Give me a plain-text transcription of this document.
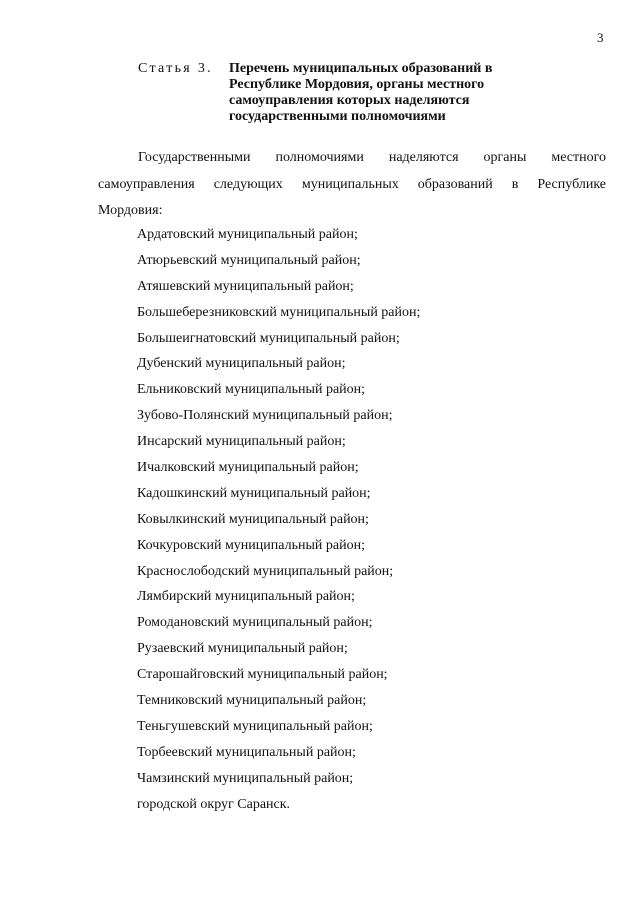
3
Статья 3. Перечень муниципальных образований в
Республике Мордовия, органы местного
самоуправления которых наделяются
государственными полномочиями
Государственными полномочиями наделяются органы местного
самоуправления следующих муниципальных образований в Республике
Мордовия:
Ардатовский муниципальный район;
Атюрьевский муниципальный район;
Атяшевский муниципальный район;
Большеберезниковский муниципальный район;
Большеигнатовский муниципальный район;
Дубенский муниципальный район;
Ельниковский муниципальный район;
Зубово-Полянский муниципальный район;
Инсарский муниципальный район;
Ичалковский муниципальный район;
Кадошкинский муниципальный район;
Ковылкинский муниципальный район;
Кочкуровский муниципальный район;
Краснослободский муниципальный район;
Лямбирский муниципальный район;
Ромодановский муниципальный район;
Рузаевский муниципальный район;
Старошайговский муниципальный район;
Темниковский муниципальный район;
Теньгушевский муниципальный район;
Торбеевский муниципальный район;
Чамзинский муниципальный район;
городской округ Саранск.
